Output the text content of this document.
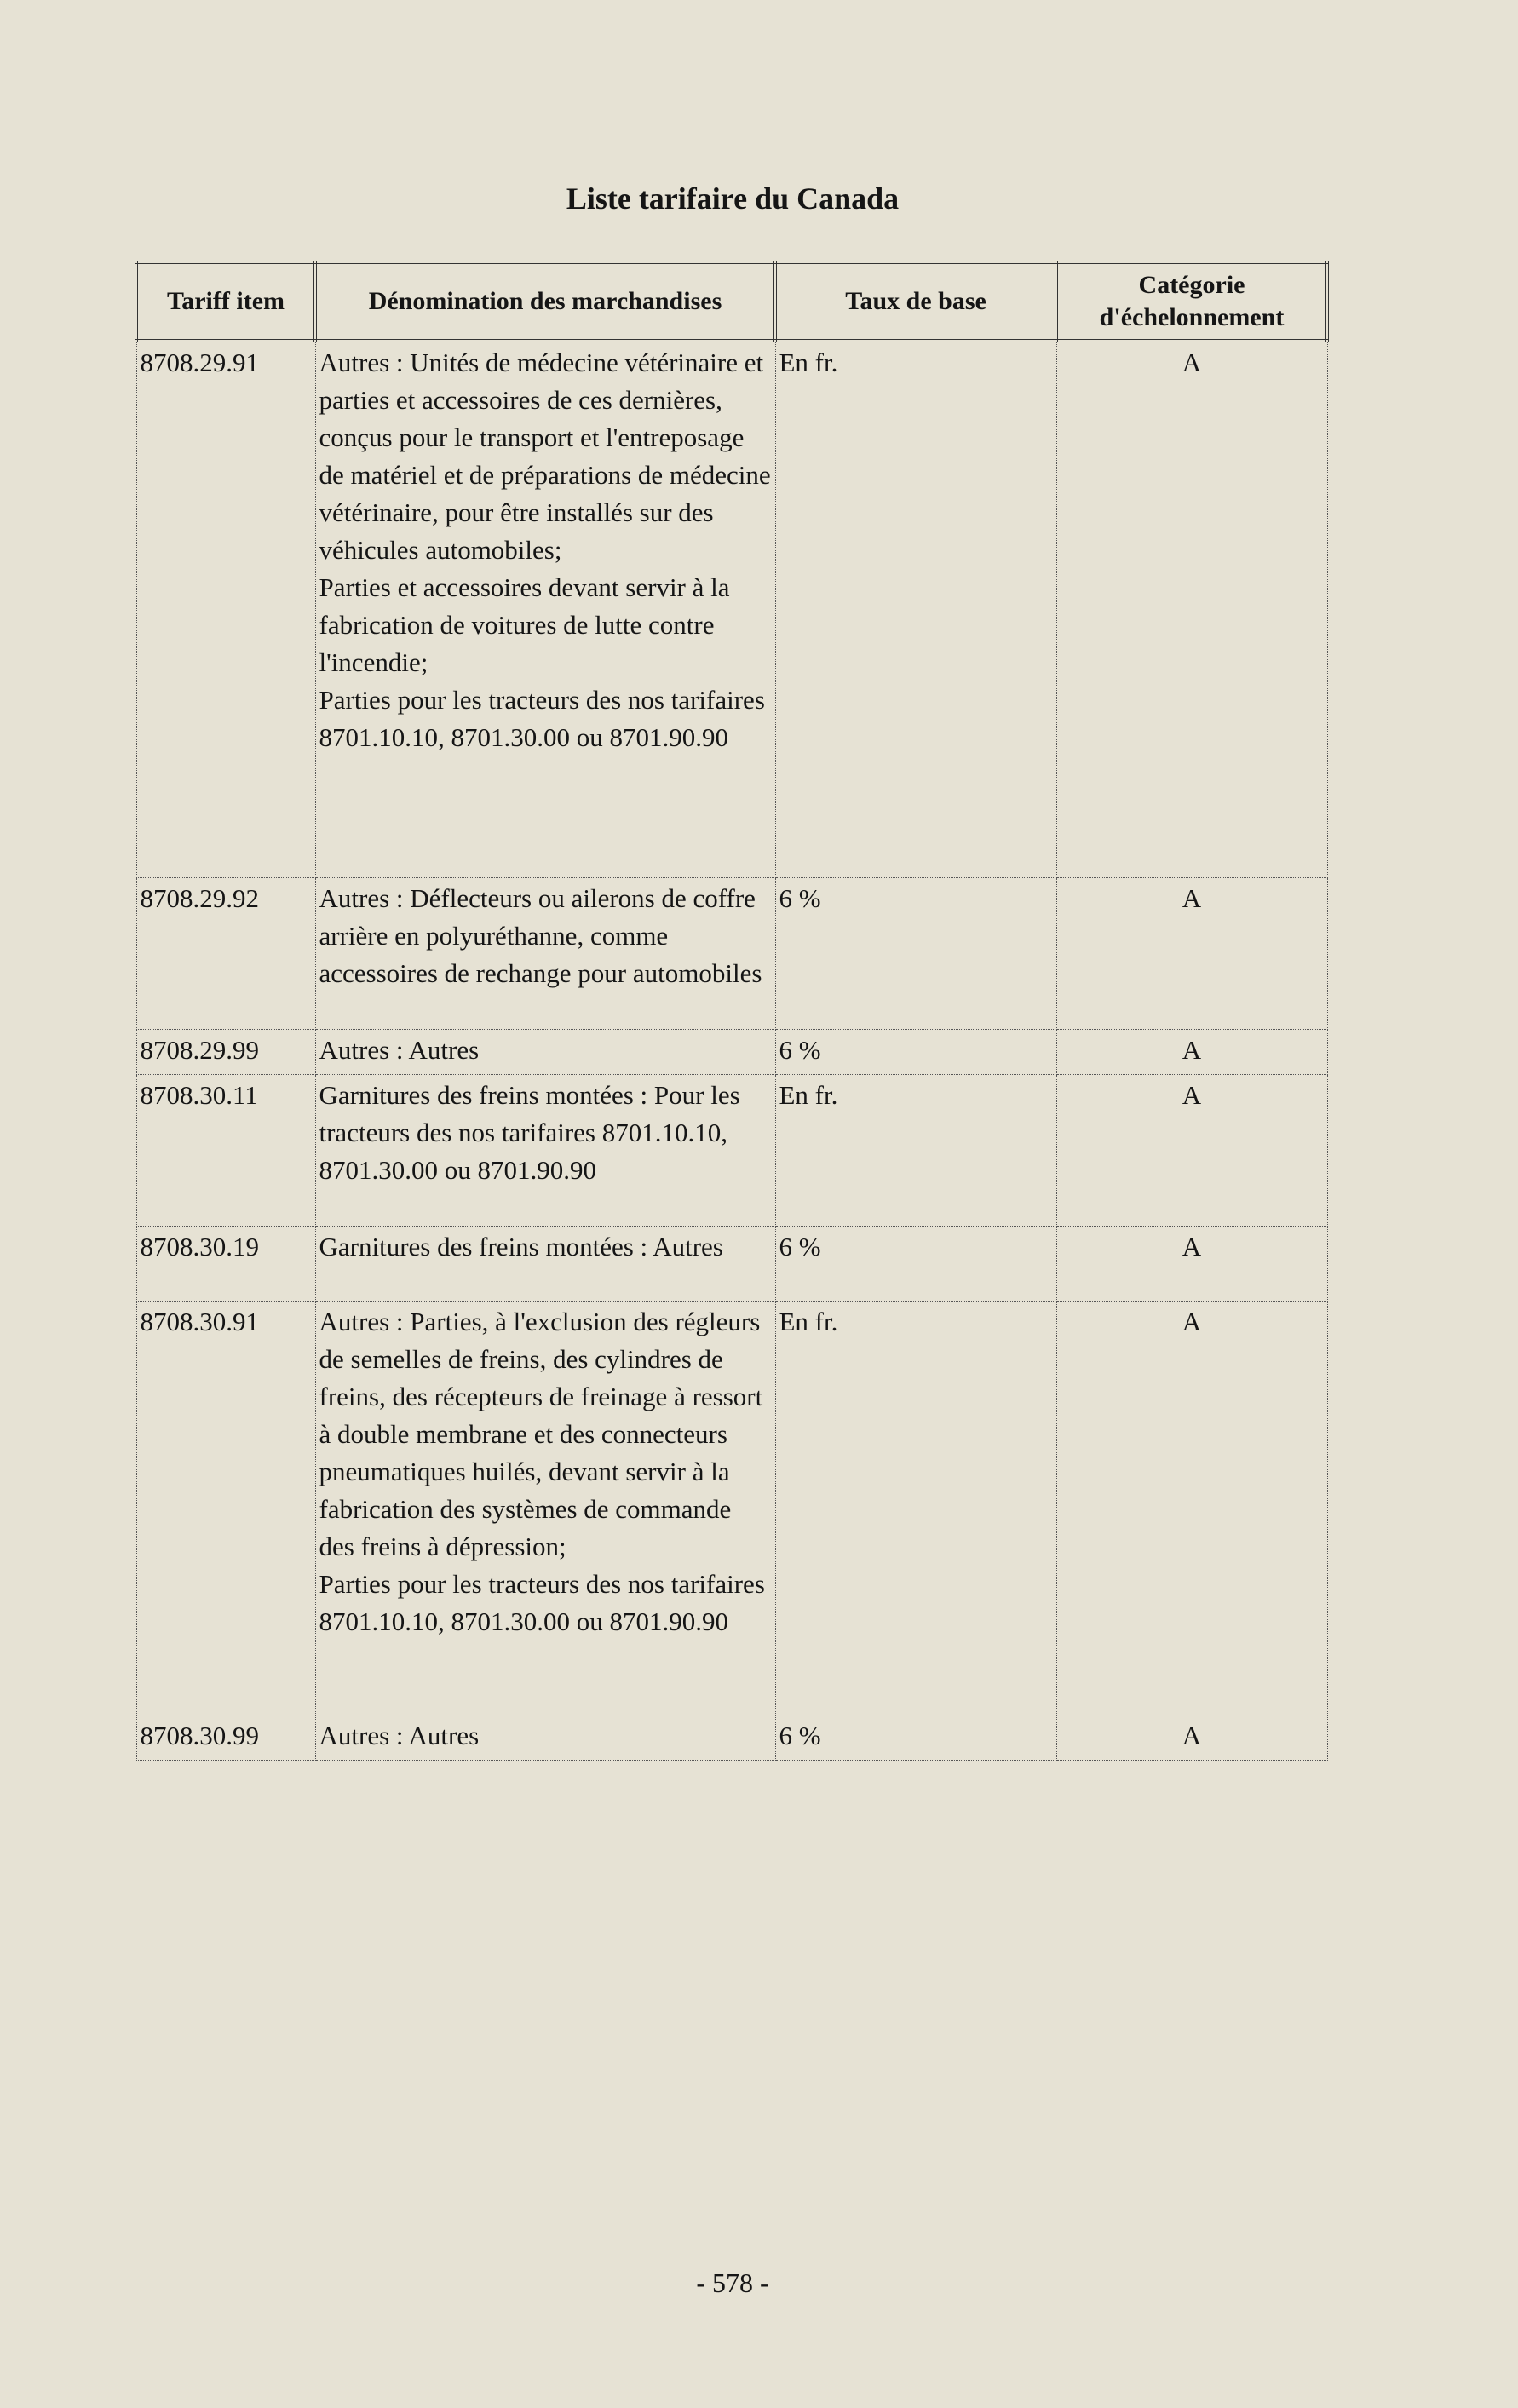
Liste tarifaire du Canada
Tariff item	Dénomination des marchandises	Taux de base	Catégorie
d'échelonnement
8708.29.91	Autres : Unités de médecine vétérinaire et parties et accessoires de ces dernières, conçus pour le transport et l'entreposage de matériel et de préparations de médecine vétérinaire, pour être installés sur des véhicules automobiles;
Parties et accessoires devant servir à la fabrication de voitures de lutte contre l'incendie;
Parties pour les tracteurs des nos tarifaires 8701.10.10, 8701.30.00 ou 8701.90.90	En fr.	A
8708.29.92	Autres : Déflecteurs ou ailerons de coffre arrière en polyuréthanne, comme accessoires de rechange pour automobiles	6 %	A
8708.29.99	Autres : Autres	6 %	A
8708.30.11	Garnitures des freins montées : Pour les tracteurs des nos tarifaires 8701.10.10, 8701.30.00 ou 8701.90.90	En fr.	A
8708.30.19	Garnitures des freins montées : Autres	6 %	A
8708.30.91	Autres : Parties, à l'exclusion des régleurs de semelles de freins, des cylindres de freins, des récepteurs de freinage à ressort à double membrane et des connecteurs pneumatiques huilés, devant servir à la fabrication des systèmes de commande des freins à dépression;
Parties pour les tracteurs des nos tarifaires 8701.10.10, 8701.30.00 ou 8701.90.90	En fr.	A
8708.30.99	Autres : Autres	6 %	A
- 578 -
